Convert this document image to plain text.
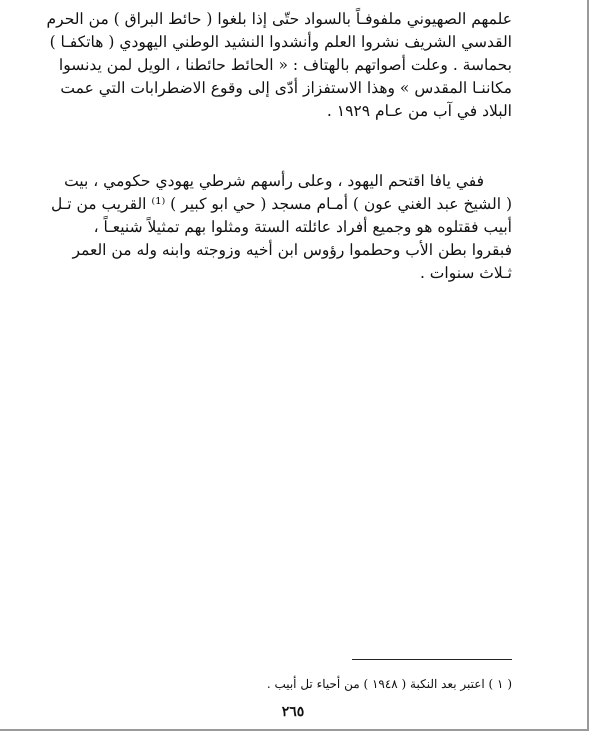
علمهم الصهيوني ملفوفـاً بالسواد حتّى إذا بلغوا ( حائط البراق ) من الحرم
القدسي الشريف نشروا العلم وأنشدوا النشيد الوطني اليهودي ( هاتكفـا )
بحماسة . وعلت أصواتهم بالهتاف : « الحائط حائطنا ، الويل لمن يدنسوا
مكاننـا المقدس » وهذا الاستفزاز أدّى إلى وقوع الاضطرابات التي عمت
البلاد في آب من عـام ١٩٢٩ .
ففي يافا اقتحم اليهود ، وعلى رأسهم شرطي يهودي حكومي ، بيت
( الشيخ عبد الغني عون ) أمـام مسجد ( حي ابو كبير ) ⁽¹⁾ القريب من تـل
أبيب فقتلوه هو وجميع أفراد عائلته الستة ومثلوا بهم تمثيلاً شنيعـاً ،
فبقروا بطن الأب وحطموا رؤوس ابن أخيه وزوجته وابنه وله من العمر
ثـلاث سنوات .
( ١ ) اعتبر بعد النكبة ( ١٩٤٨ ) من أحياء تل أبيب .
٢٦٥
